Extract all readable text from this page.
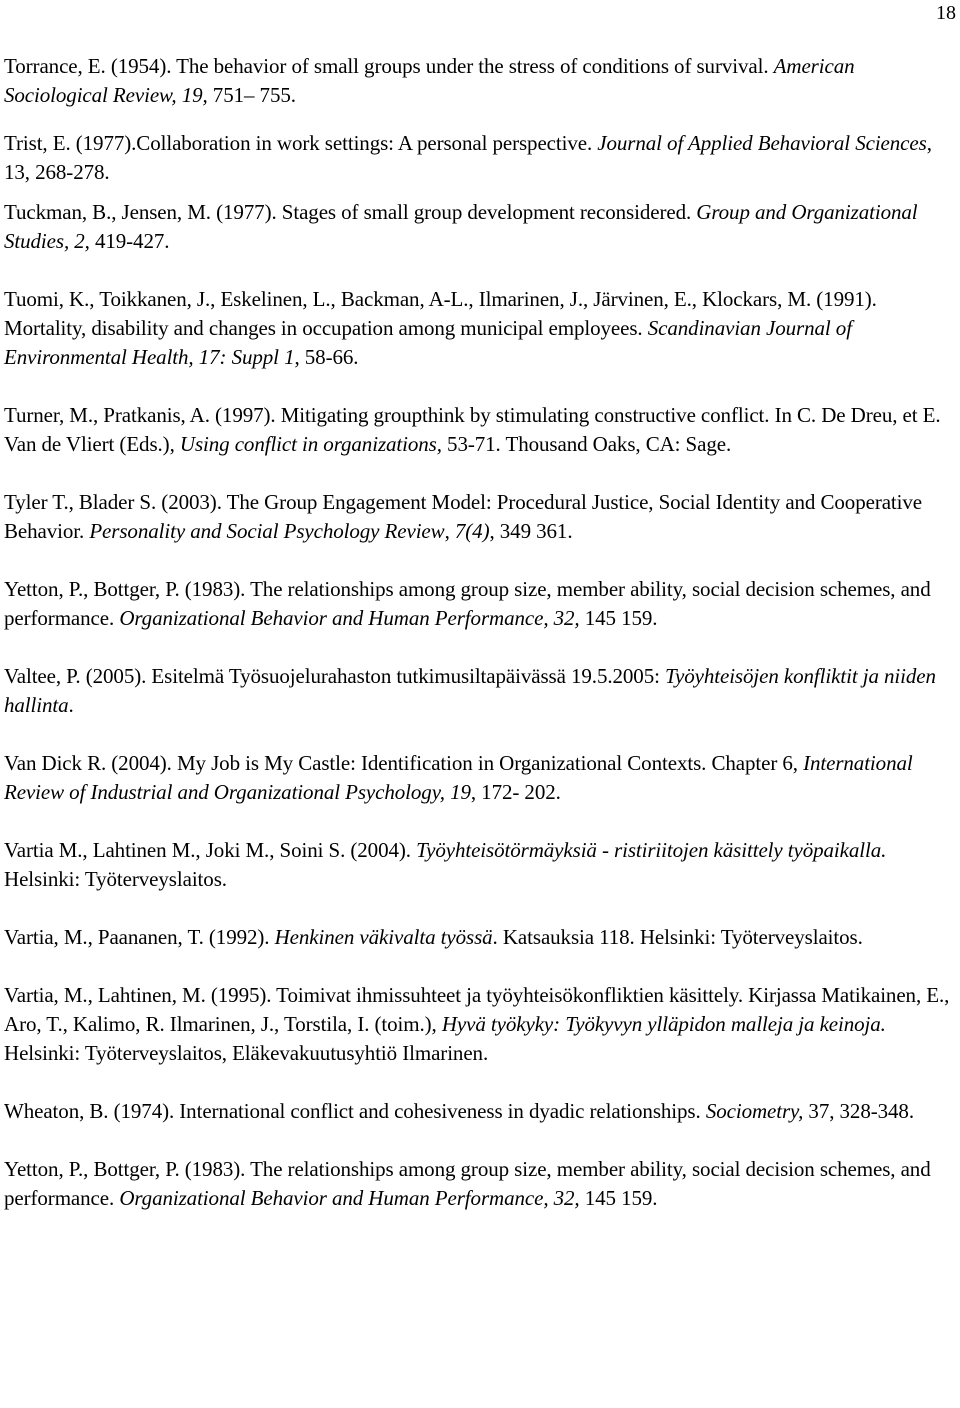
18

Torrance, E. (1954). The behavior of small groups under the stress of conditions of survival. American Sociological Review, 19, 751– 755.

Trist, E. (1977).Collaboration in work settings: A personal perspective. Journal of Applied Behavioral Sciences, 13, 268-278.

Tuckman, B., Jensen, M. (1977). Stages of small group development reconsidered. Group and Organizational Studies, 2, 419-427.

Tuomi, K., Toikkanen, J., Eskelinen, L., Backman, A-L., Ilmarinen, J., Järvinen, E., Klockars, M. (1991). Mortality, disability and changes in occupation among municipal employees. Scandinavian Journal of Environmental Health, 17: Suppl 1, 58-66.

Turner, M., Pratkanis, A. (1997). Mitigating groupthink by stimulating constructive conflict. In C. De Dreu, et E. Van de Vliert (Eds.), Using conflict in organizations, 53-71. Thousand Oaks, CA: Sage.

Tyler T., Blader S. (2003). The Group Engagement Model: Procedural Justice, Social Identity and Cooperative Behavior. Personality and Social Psychology Review, 7(4), 349 361.

Yetton, P., Bottger, P. (1983). The relationships among group size, member ability, social decision schemes, and performance. Organizational Behavior and Human Performance, 32, 145 159.

Valtee, P. (2005). Esitelmä Työsuojelurahaston tutkimusiltapäivässä 19.5.2005: Työyhteisöjen konfliktit ja niiden hallinta.

Van Dick R. (2004). My Job is My Castle: Identification in Organizational Contexts. Chapter 6, International Review of Industrial and Organizational Psychology, 19, 172- 202.

Vartia M., Lahtinen M., Joki M., Soini S. (2004). Työyhteisötörmäyksiä - ristiriitojen käsittely työpaikalla. Helsinki: Työterveyslaitos.

Vartia, M., Paananen, T. (1992). Henkinen väkivalta työssä. Katsauksia 118. Helsinki: Työterveyslaitos.

Vartia, M., Lahtinen, M. (1995). Toimivat ihmissuhteet ja työyhteisökonfliktien käsittely. Kirjassa Matikainen, E., Aro, T., Kalimo, R. Ilmarinen, J., Torstila, I. (toim.), Hyvä työkyky: Työkyvyn ylläpidon malleja ja keinoja. Helsinki: Työterveyslaitos, Eläkevakuutusyhtiö Ilmarinen.

Wheaton, B. (1974). International conflict and cohesiveness in dyadic relationships. Sociometry, 37, 328-348.

Yetton, P., Bottger, P. (1983). The relationships among group size, member ability, social decision schemes, and performance. Organizational Behavior and Human Performance, 32, 145 159.
